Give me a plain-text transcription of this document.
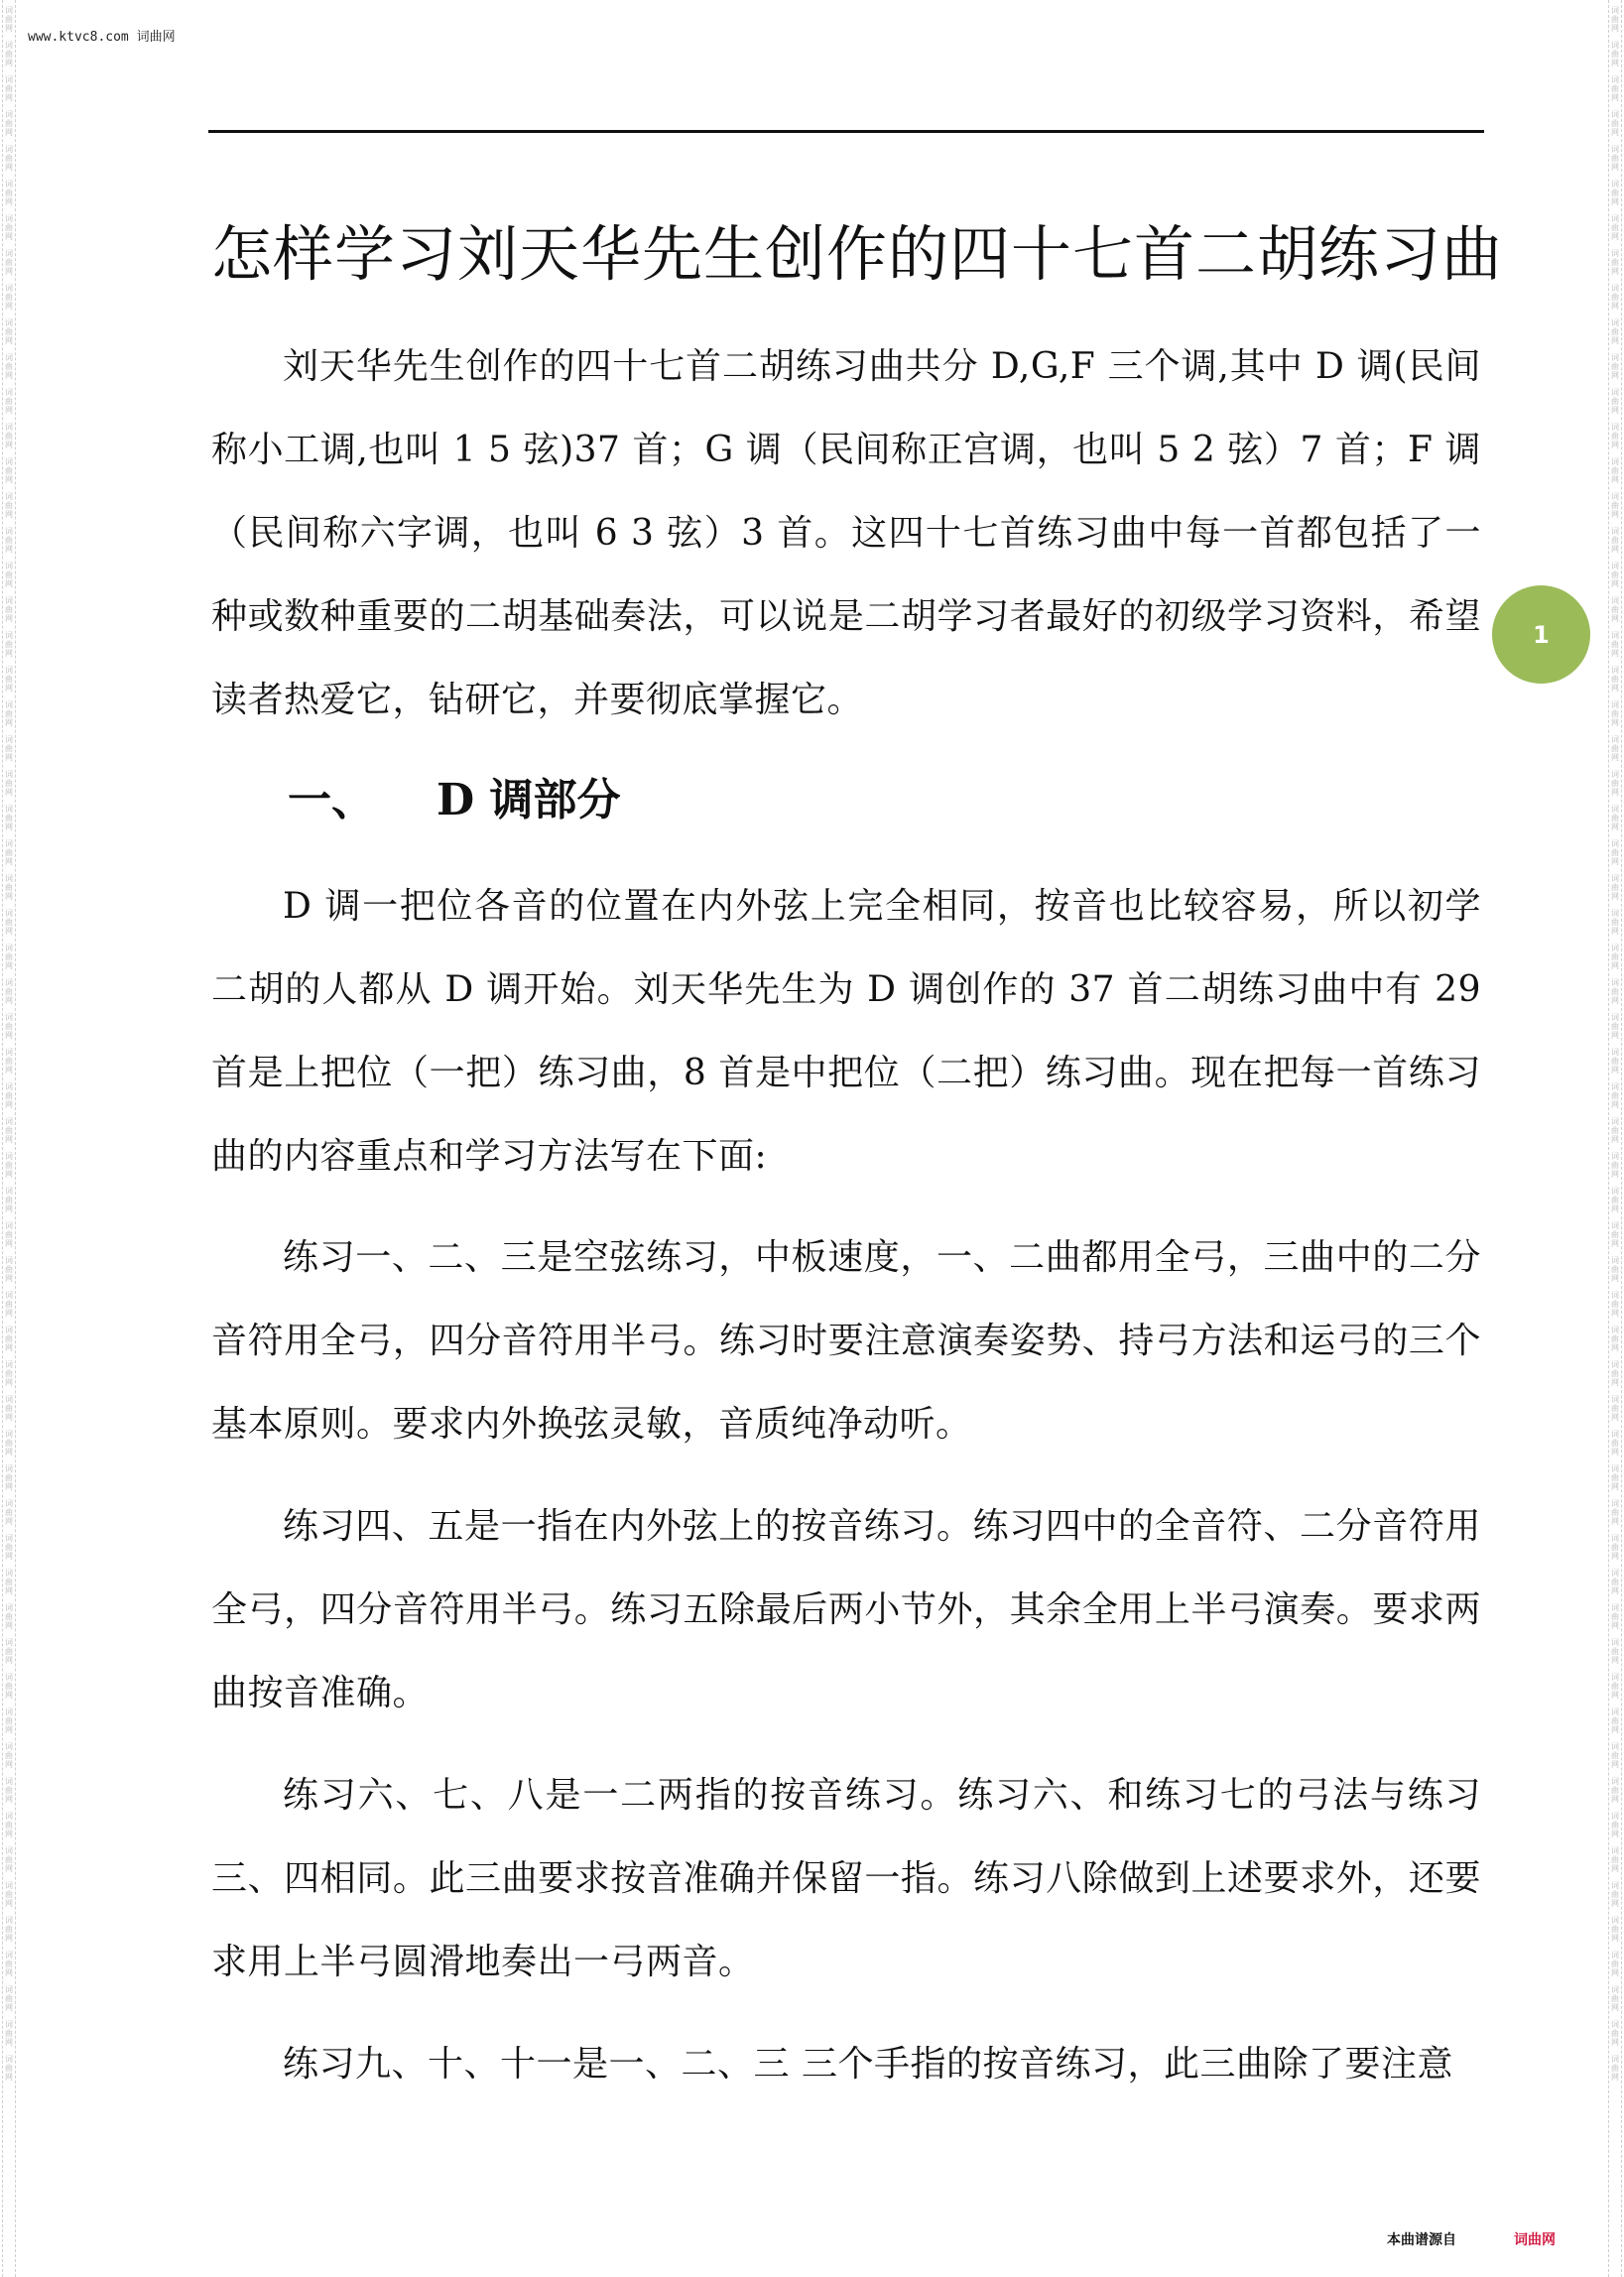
词曲网
词曲网
词曲网
词曲网
词曲网
词曲网
词曲网
词曲网
词曲网
词曲网
词曲网
词曲网
词曲网
词曲网
词曲网
词曲网
词曲网
词曲网
词曲网
词曲网
词曲网
词曲网
词曲网
词曲网
词曲网
词曲网
词曲网
词曲网
词曲网
词曲网
词曲网
词曲网
词曲网
词曲网
词曲网
词曲网
词曲网
词曲网
词曲网
词曲网
词曲网
词曲网
词曲网
词曲网
词曲网
词曲网
词曲网
词曲网
词曲网
词曲网
词曲网
词曲网
词曲网
词曲网
词曲网
词曲网
词曲网
词曲网
词曲网
词曲网
词曲网
词曲网
词曲网
词曲网
词曲网
词曲网
词曲网
词曲网
词曲网
词曲网
词曲网
词曲网
词曲网
词曲网
词曲网
词曲网
词曲网
词曲网
词曲网
词曲网
词曲网
词曲网
词曲网
词曲网
词曲网
词曲网
词曲网
词曲网
词曲网
词曲网
词曲网
词曲网
词曲网
词曲网
词曲网
词曲网
词曲网
词曲网
词曲网
词曲网
词曲网
词曲网
词曲网
词曲网
词曲网
词曲网
词曲网
词曲网
词曲网
词曲网
词曲网
词曲网
词曲网
词曲网
词曲网
词曲网
词曲网
词曲网
词曲网
词曲网
www.ktvc8.com 词曲网
怎样学习刘天华先生创作的四十七首二胡练习曲
1

刘天华先生创作的四十七首二胡练习曲共分 D,G,F 三个调,其中 D 调(民间称小工调,也叫 1 5 弦)37 首；G 调（民间称正宫调，也叫 5 2 弦）7 首；F 调（民间称六字调，也叫 6 3 弦）3 首。这四十七首练习曲中每一首都包括了一种或数种重要的二胡基础奏法，可以说是二胡学习者最好的初级学习资料，希望读者热爱它，钻研它，并要彻底掌握它。

一、 D 调部分

D 调一把位各音的位置在内外弦上完全相同，按音也比较容易，所以初学二胡的人都从 D 调开始。刘天华先生为 D 调创作的 37 首二胡练习曲中有 29 首是上把位（一把）练习曲，8 首是中把位（二把）练习曲。现在把每一首练习曲的内容重点和学习方法写在下面:

练习一、二、三是空弦练习，中板速度，一、二曲都用全弓，三曲中的二分音符用全弓，四分音符用半弓。练习时要注意演奏姿势、持弓方法和运弓的三个基本原则。要求内外换弦灵敏，音质纯净动听。

练习四、五是一指在内外弦上的按音练习。练习四中的全音符、二分音符用全弓，四分音符用半弓。练习五除最后两小节外，其余全用上半弓演奏。要求两曲按音准确。

练习六、七、八是一二两指的按音练习。练习六、和练习七的弓法与练习三、四相同。此三曲要求按音准确并保留一指。练习八除做到上述要求外，还要求用上半弓圆滑地奏出一弓两音。

练习九、十、十一是一、二、三 三个手指的按音练习，此三曲除了要注意

本曲谱源自	词曲网
